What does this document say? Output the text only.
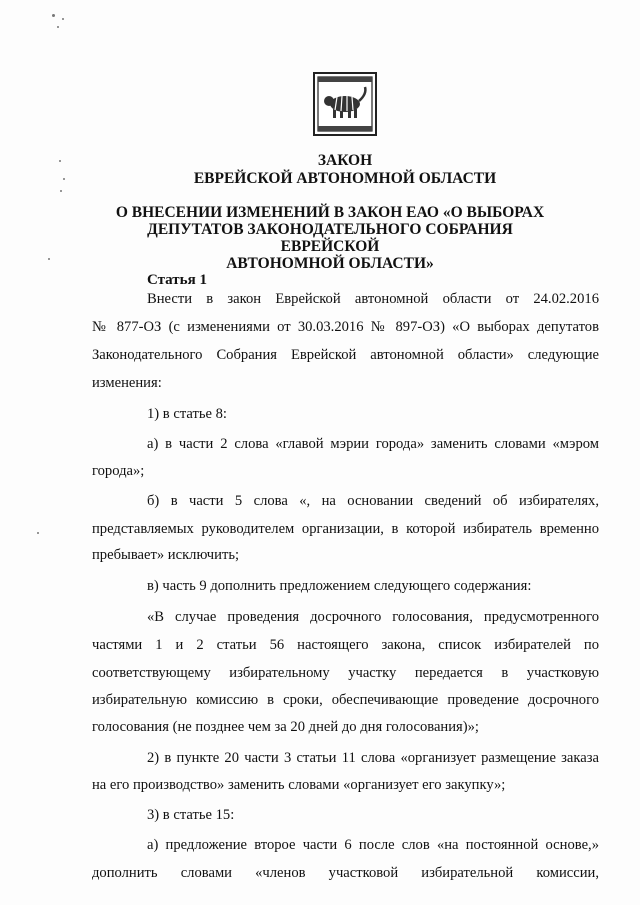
ЗАКОН
ЕВРЕЙСКОЙ АВТОНОМНОЙ ОБЛАСТИ
О ВНЕСЕНИИ ИЗМЕНЕНИЙ В ЗАКОН ЕАО «О ВЫБОРАХ
ДЕПУТАТОВ ЗАКОНОДАТЕЛЬНОГО СОБРАНИЯ ЕВРЕЙСКОЙ
АВТОНОМНОЙ ОБЛАСТИ»
Статья 1
Внести в закон Еврейской автономной области от 24.02.2016
№ 877-ОЗ (с изменениями от 30.03.2016 № 897-ОЗ) «О выборах депутатов
Законодательного Собрания Еврейской автономной области» следующие
изменения:
1) в статье 8:
а) в части 2 слова «главой мэрии города» заменить словами «мэром
города»;
б) в части 5 слова «, на основании сведений об избирателях,
представляемых руководителем организации, в которой избиратель временно
пребывает» исключить;
в) часть 9 дополнить предложением следующего содержания:
«В случае проведения досрочного голосования, предусмотренного
частями 1 и 2 статьи 56 настоящего закона, список избирателей по
соответствующему избирательному участку передается в участковую
избирательную комиссию в сроки, обеспечивающие проведение досрочного
голосования (не позднее чем за 20 дней до дня голосования)»;
2) в пункте 20 части 3 статьи 11 слова «организует размещение заказа
на его производство» заменить словами «организует его закупку»;
3) в статье 15:
а) предложение второе части 6 после слов «на постоянной основе,»
дополнить словами «членов участковой избирательной комиссии,
